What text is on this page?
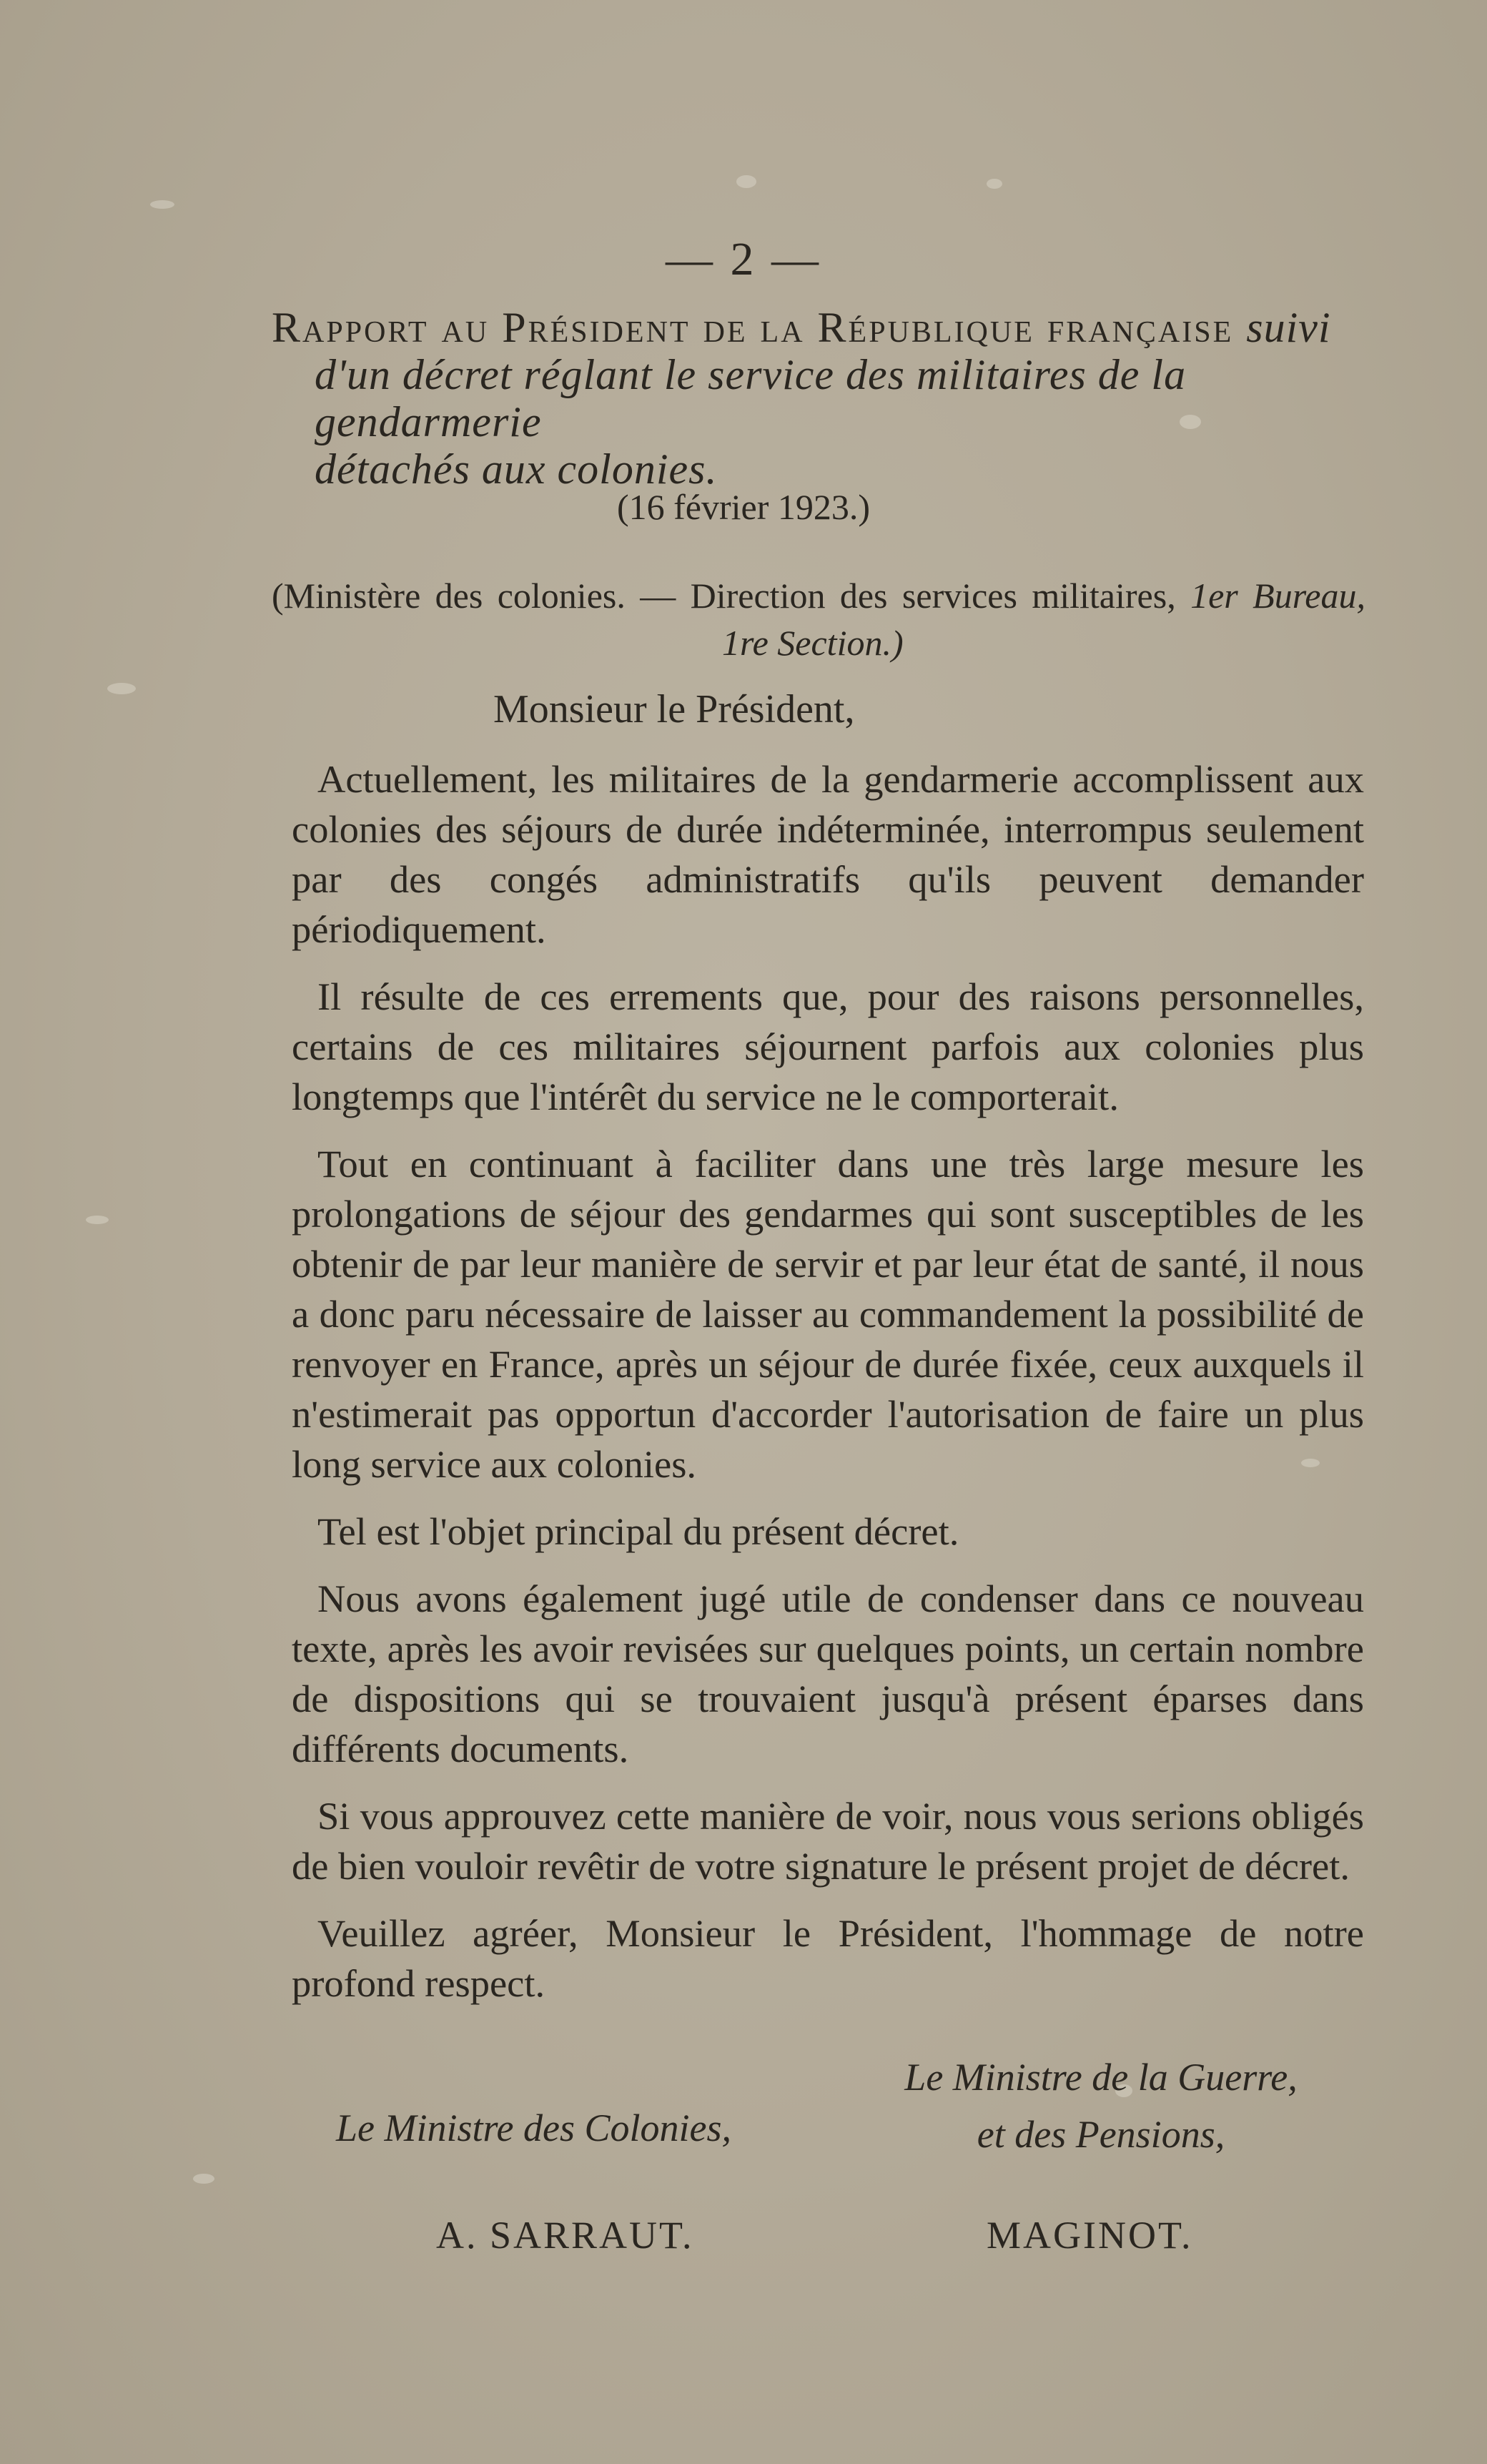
— 2 —
Rapport au Président de la République française suivi
d'un décret réglant le service des militaires de la gendarmerie
détachés aux colonies.
(16 février 1923.)
(Ministère des colonies. — Direction des services militaires, 1er Bureau,
1re Section.)
Monsieur le Président,

Actuellement, les militaires de la gendarmerie accomplissent aux colonies des séjours de durée indéterminée, interrompus seulement par des congés administratifs qu'ils peuvent demander périodiquement.

Il résulte de ces errements que, pour des raisons personnelles, certains de ces militaires séjournent parfois aux colonies plus longtemps que l'intérêt du service ne le comporterait.

Tout en continuant à faciliter dans une très large mesure les prolongations de séjour des gendarmes qui sont susceptibles de les obtenir de par leur manière de servir et par leur état de santé, il nous a donc paru nécessaire de laisser au commandement la possibilité de renvoyer en France, après un séjour de durée fixée, ceux auxquels il n'estimerait pas opportun d'accorder l'autorisation de faire un plus long service aux colonies.

Tel est l'objet principal du présent décret.

Nous avons également jugé utile de condenser dans ce nouveau texte, après les avoir revisées sur quelques points, un certain nombre de dispositions qui se trouvaient jusqu'à présent éparses dans différents documents.

Si vous approuvez cette manière de voir, nous vous serions obligés de bien vouloir revêtir de votre signature le présent projet de décret.

Veuillez agréer, Monsieur le Président, l'hommage de notre profond respect.

Le Ministre de la Guerre,
et des Pensions,
Le Ministre des Colonies,
A. SARRAUT.	MAGINOT.
